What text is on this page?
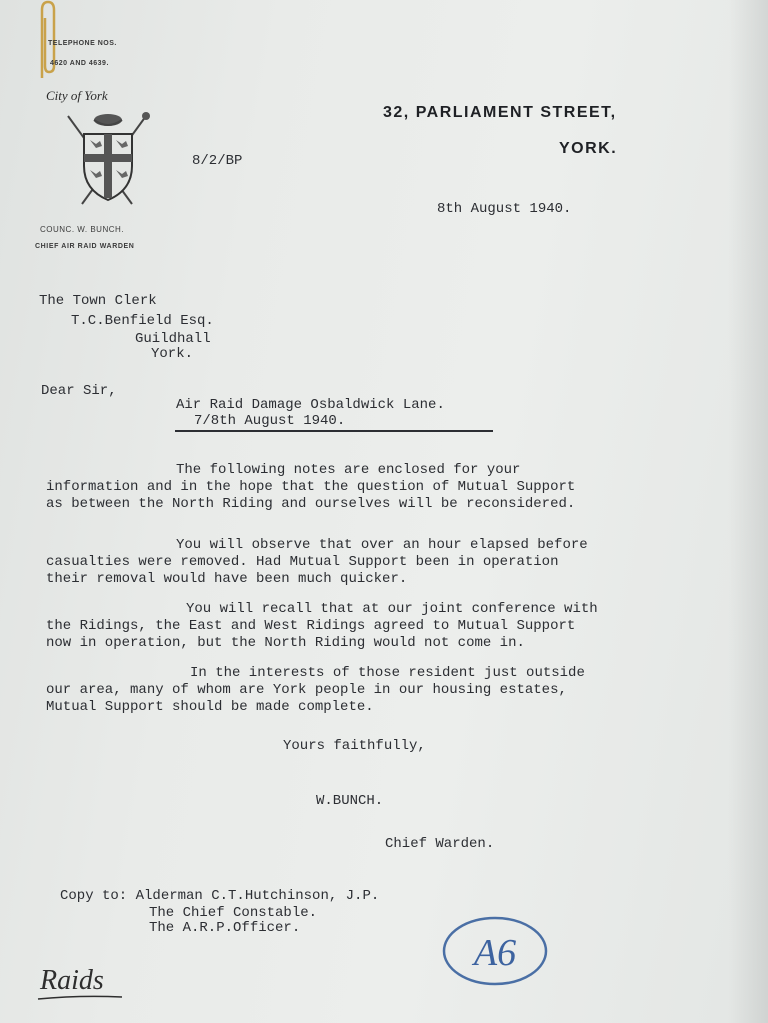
TELEPHONE NOS.
4620 AND 4639.
City of York
COUNC. W. BUNCH.
CHIEF AIR RAID WARDEN
32, PARLIAMENT STREET,
YORK.
8/2/BP
8th August 1940.
The Town Clerk
T.C.Benfield Esq.
Guildhall
York.
Dear Sir,
Air Raid Damage Osbaldwick Lane.
7/8th August 1940.
The following notes are enclosed for your
information and in the hope that the question of Mutual Support
as between the North Riding and ourselves will be reconsidered.
You will observe that over an hour elapsed before
casualties were removed. Had Mutual Support been in operation
their removal would have been much quicker.
You will recall that at our joint conference with
the Ridings, the East and West Ridings agreed to Mutual Support
now in operation, but the North Riding would not come in.
In the interests of those resident just outside
our area, many of whom are York people in our housing estates,
Mutual Support should be made complete.
Yours faithfully,
W.BUNCH.
Chief Warden.
Copy to: Alderman C.T.Hutchinson, J.P.
The Chief Constable.
The A.R.P.Officer.
A6
Raids
